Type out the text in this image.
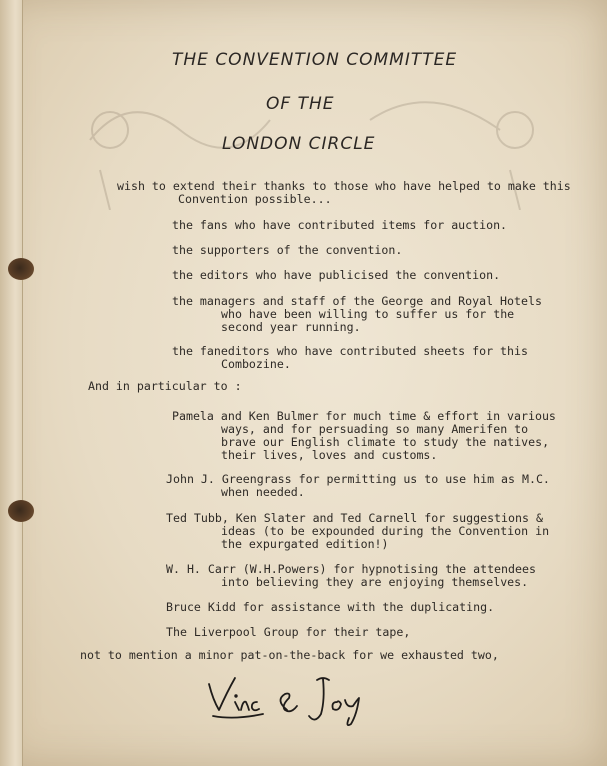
THE CONVENTION COMMITTEE
OF THE
LONDON CIRCLE
wish to extend their thanks to those who have helped to make this
Convention possible...
the fans who have contributed items for auction.
the supporters of the convention.
the editors who have publicised the convention.
the managers and staff of the George and Royal Hotels
who have been willing to suffer us for the
second year running.
the faneditors who have contributed sheets for this
Combozine.
And in particular to :
Pamela and Ken Bulmer for much time & effort in various
ways, and for persuading so many Amerifen to
brave our English climate to study the natives,
their lives, loves and customs.
John J. Greengrass for permitting us to use him as M.C.
when needed.
Ted Tubb, Ken Slater and Ted Carnell for suggestions &
ideas (to be expounded during the Convention in
the expurgated edition!)
W. H. Carr (W.H.Powers) for hypnotising the attendees
into believing they are enjoying themselves.
Bruce Kidd for assistance with the duplicating.
The Liverpool Group for their tape,
not to mention a minor pat-on-the-back for we exhausted two,
